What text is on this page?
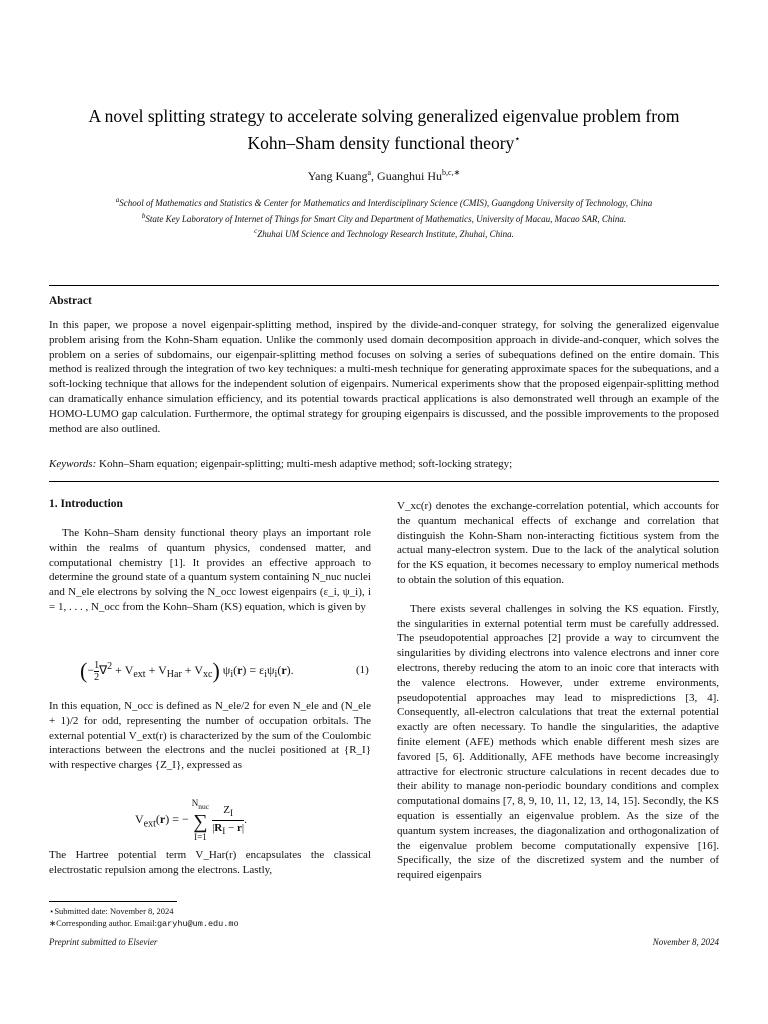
A novel splitting strategy to accelerate solving generalized eigenvalue problem from
Kohn–Sham density functional theory⋆
Yang Kuang$^a$, Guanghui $Hu^{b,c,∗}$
$^a$School of Mathematics and Statistics & Center for Mathematics and Interdisciplinary Science (CMIS), Guangdong University of Technology, China
$^b$State Key Laboratory of Internet of Things for Smart City and Department of Mathematics, University of Macau, Macao SAR, China.
$^c$Zhuhai UM Science and Technology Research Institute, Zhuhai, China.
Abstract
In this paper, we propose a novel eigenpair-splitting method, inspired by the divide-and-conquer strategy, for solving the generalized eigenvalue problem arising from the Kohn-Sham equation. Unlike the commonly used domain decomposition approach in divide-and-conquer, which solves the problem on a series of subdomains, our eigenpair-splitting method focuses on solving a series of subequations defined on the entire domain. This method is realized through the integration of two key techniques: a multi-mesh technique for generating approximate spaces for the subequations, and a soft-locking technique that allows for the independent solution of eigenpairs. Numerical experiments show that the proposed eigenpair-splitting method can dramatically enhance simulation efficiency, and its potential towards practical applications is also demonstrated well through an example of the HOMO-LUMO gap calculation. Furthermore, the optimal strategy for grouping eigenpairs is discussed, and the possible improvements to the proposed method are also outlined.
Keywords: Kohn–Sham equation; eigenpair-splitting; multi-mesh adaptive method; soft-locking strategy;
1. Introduction

The Kohn–Sham density functional theory plays an important role within the realms of quantum physics, condensed matter, and computational chemistry [1]. It provides an effective approach to determine the ground state of a quantum system containing N_nuc nuclei and N_ele electrons by solving the N_occ lowest eigenpairs (ε_i, ψ_i), i = 1, . . . , N_occ from the Kohn–Sham (KS) equation, which is given by

(− $\frac{1}{2} \nabla^2 + V_{ext} + V_{Har} + V_{xc}$) $\psi_i(r) = \varepsilon_i\psi_i(r)$.	(1)

In this equation, N_occ is defined as N_ele/2 for even N_ele and (N_ele + 1)/2 for odd, representing the number of occupation orbitals. The external potential V_ext(r) is characterized by the sum of the Coulombic interactions between the electrons and the nuclei positioned at {R_I} with respective charges {Z_I}, expressed as

$V_{ext}(r)$ = −
$N_{nuc}$
∑
I=1
$\frac{Z_I}{|R_I - r|}$ .

The Hartree potential term V_Har(r) encapsulates the classical electrostatic repulsion among the electrons. Lastly,

V_xc(r) denotes the exchange-correlation potential, which accounts for the quantum mechanical effects of exchange and correlation that distinguish the Kohn-Sham non-interacting fictitious system from the actual many-electron system. Due to the lack of the analytical solution for the KS equation, it becomes necessary to employ numerical methods to obtain the solution of this equation.

There exists several challenges in solving the KS equation. Firstly, the singularities in external potential term must be carefully addressed. The pseudopotential approaches [2] provide a way to circumvent the singularities by dividing electrons into valence electrons and inner core electrons, thereby reducing the atom to an inoic core that interacts with the valence electrons. However, under extreme environments, pseudopotential approaches may lead to mispredictions [3, 4]. Consequently, all-electron calculations that treat the external potential exactly are often necessary. To handle the singularities, the adaptive finite element (AFE) methods which enable different mesh sizes are favored [5, 6]. Additionally, AFE methods have become increasingly attractive for electronic structure calculations in recent decades due to their ability to manage non-periodic boundary conditions and complex computational domains [7, 8, 9, 10, 11, 12, 13, 14, 15]. Secondly, the KS equation is essentially an eigenvalue problem. As the size of the quantum system increases, the diagonalization and orthogonalization of the eigenvalue problem become computationally expensive [16]. Specifically, the size of the discretized system and the number of required eigenpairs

⋆Submitted date: November 8, 2024
∗Corresponding author. Email:garyhu@um.edu.mo
Preprint submitted to Elsevier	November 8, 2024
